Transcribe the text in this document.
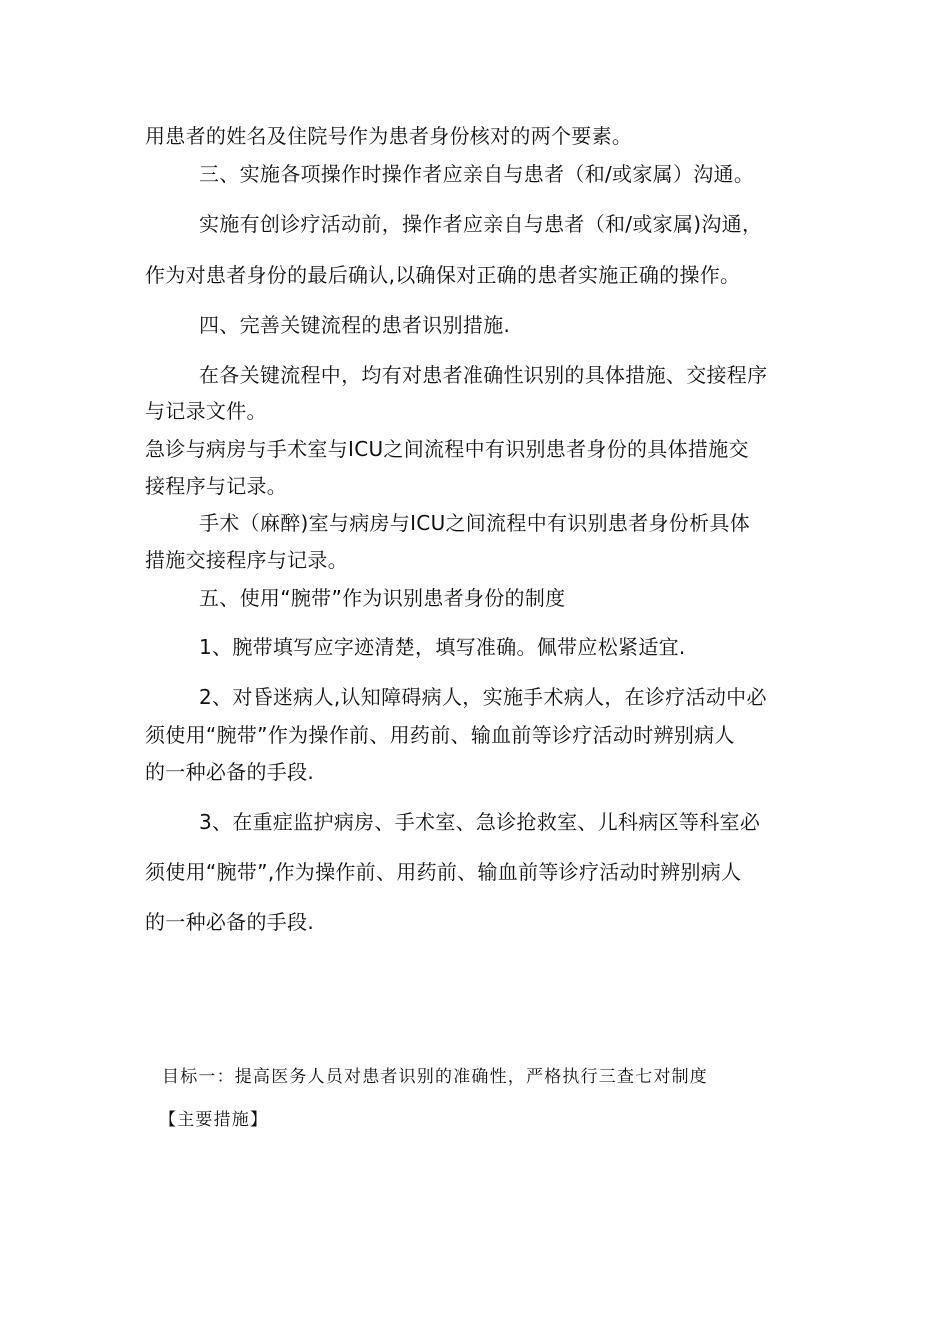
用患者的姓名及住院号作为患者身份核对的两个要素。

三、实施各项操作时操作者应亲自与患者（和/或家属）沟通。

实施有创诊疗活动前，操作者应亲自与患者（和/或家属)沟通，

作为对患者身份的最后确认,以确保对正确的患者实施正确的操作。

四、完善关键流程的患者识别措施.

在各关键流程中，均有对患者准确性识别的具体措施、交接程序

与记录文件。

急诊与病房与手术室与ICU之间流程中有识别患者身份的具体措施交

接程序与记录。

手术（麻醉)室与病房与ICU之间流程中有识别患者身份析具体

措施交接程序与记录。

五、使用“腕带”作为识别患者身份的制度

1、腕带填写应字迹清楚，填写准确。佩带应松紧适宜.

2、对昏迷病人,认知障碍病人，实施手术病人，在诊疗活动中必

须使用“腕带”作为操作前、用药前、输血前等诊疗活动时辨别病人

的一种必备的手段.

3、在重症监护病房、手术室、急诊抢救室、儿科病区等科室必

须使用“腕带”,作为操作前、用药前、输血前等诊疗活动时辨别病人

的一种必备的手段.

目标一：提高医务人员对患者识别的准确性，严格执行三查七对制度

【主要措施】
